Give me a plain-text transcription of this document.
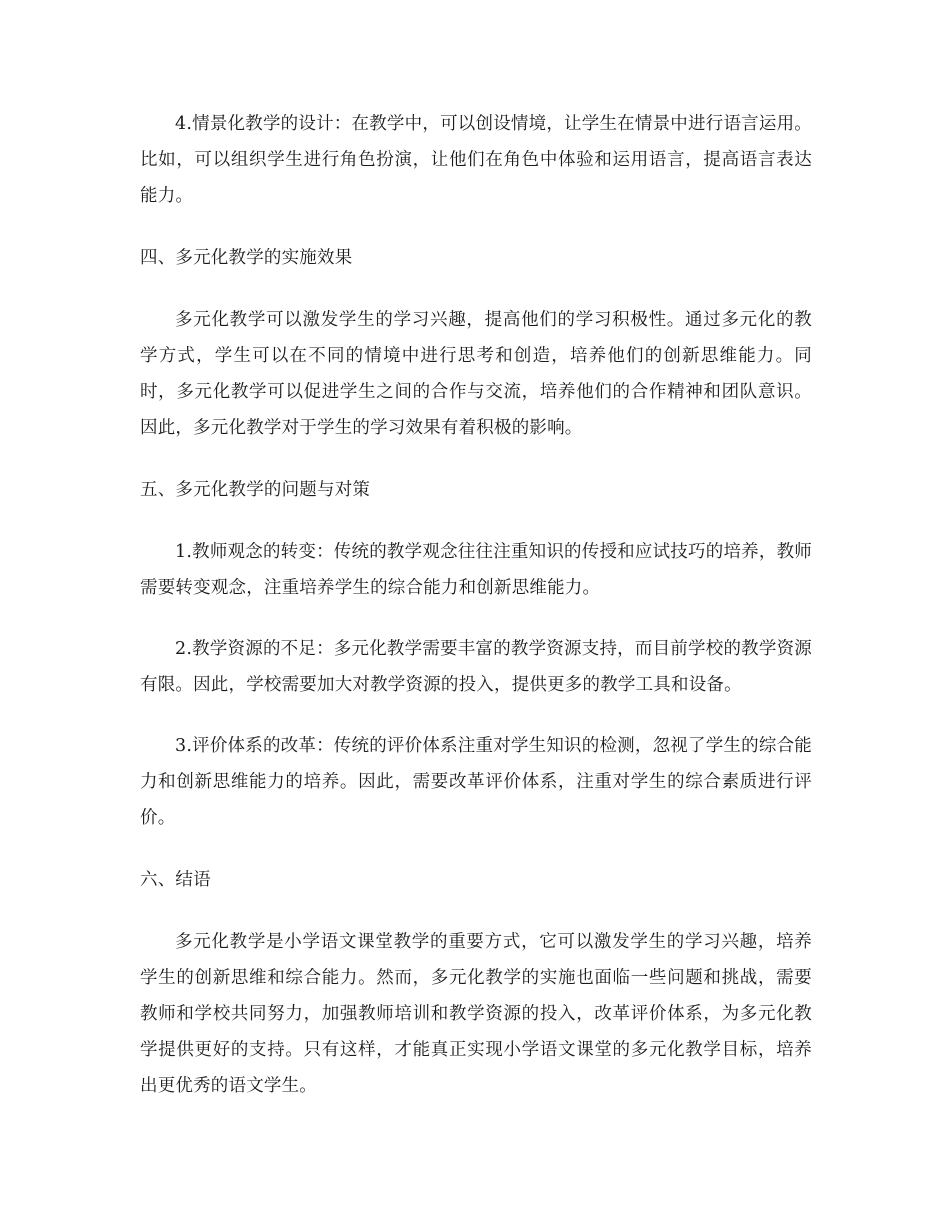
4.情景化教学的设计：在教学中，可以创设情境，让学生在情景中进行语言运用。比如，可以组织学生进行角色扮演，让他们在角色中体验和运用语言，提高语言表达能力。

四、多元化教学的实施效果

多元化教学可以激发学生的学习兴趣，提高他们的学习积极性。通过多元化的教学方式，学生可以在不同的情境中进行思考和创造，培养他们的创新思维能力。同时，多元化教学可以促进学生之间的合作与交流，培养他们的合作精神和团队意识。因此，多元化教学对于学生的学习效果有着积极的影响。

五、多元化教学的问题与对策

1.教师观念的转变：传统的教学观念往往注重知识的传授和应试技巧的培养，教师需要转变观念，注重培养学生的综合能力和创新思维能力。

2.教学资源的不足：多元化教学需要丰富的教学资源支持，而目前学校的教学资源有限。因此，学校需要加大对教学资源的投入，提供更多的教学工具和设备。

3.评价体系的改革：传统的评价体系注重对学生知识的检测，忽视了学生的综合能力和创新思维能力的培养。因此，需要改革评价体系，注重对学生的综合素质进行评价。

六、结语

多元化教学是小学语文课堂教学的重要方式，它可以激发学生的学习兴趣，培养学生的创新思维和综合能力。然而，多元化教学的实施也面临一些问题和挑战，需要教师和学校共同努力，加强教师培训和教学资源的投入，改革评价体系，为多元化教学提供更好的支持。只有这样，才能真正实现小学语文课堂的多元化教学目标，培养出更优秀的语文学生。
